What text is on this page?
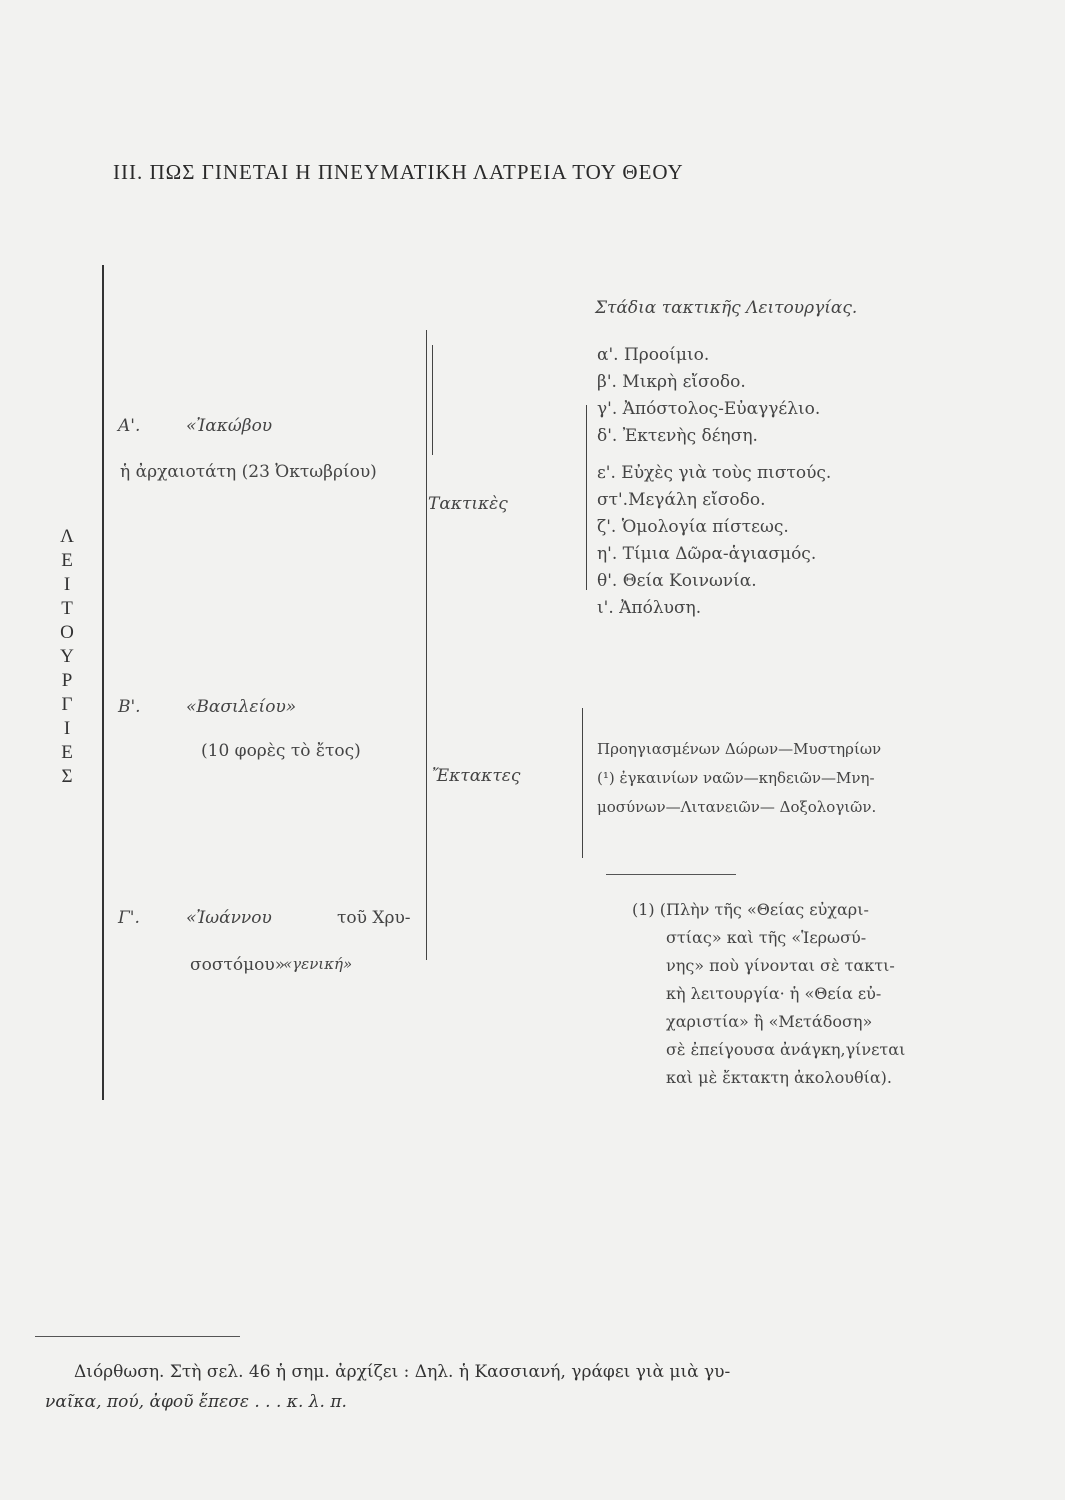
III. ΠΩΣ ΓΙΝΕΤΑΙ Η ΠΝΕΥΜΑΤΙΚΗ ΛΑΤΡΕΙΑ ΤΟΥ ΘΕΟΥ
Λ
Ε
Ι
Τ
Ο
Υ
Ρ
Γ
Ι
Ε
Σ
Α'.	«Ἰακώβου
ἡ ἀρχαιοτάτη (23 Ὀκτωβρίου)
Β'.	«Βασιλείου»
(10 φορὲς τὸ ἔτος)
Γ'.	«Ἰωάννου	τοῦ Χρυ-
σοστόμου»
«γενική»
Τακτικὲς
Ἔκτακτες
Στάδια τακτικῆς Λειτουργίας.
α'. Προοίμιο.
β'. Μικρὴ εἴσοδο.
γ'. Ἀπόστολος-Εὐαγγέλιο.
δ'. Ἐκτενὴς δέηση.
ε'. Εὐχὲς γιὰ τοὺς πιστούς.
στ'.Μεγάλη εἴσοδο.
ζ'. Ὁμολογία πίστεως.
η'. Τίμια Δῶρα-ἁγιασμός.
θ'. Θεία Κοινωνία.
ι'. Ἀπόλυση.
Προηγιασμένων Δώρων—Μυστηρίων
(¹) ἐγκαινίων ναῶν—κηδειῶν—Μνη-
μοσύνων—Λιτανειῶν— Δοξολογιῶν.
(1) (Πλὴν τῆς «Θείας εὐχαρι-
στίας» καὶ τῆς «Ἱερωσύ-
νης» ποὺ γίνονται σὲ τακτι-
κὴ λειτουργία· ἡ «Θεία εὐ-
χαριστία» ἢ «Μετάδοση»
σὲ ἐπείγουσα ἀνάγκη,γίνεται
καὶ μὲ ἔκτακτη ἀκολουθία).
Διόρθωση. Στὴ σελ. 46 ἡ σημ. ἀρχίζει : Δηλ. ἡ Κασσιανή, γράφει γιὰ μιὰ γυ-
ναῖκα, πού, ἀφοῦ ἔπεσε . . . κ. λ. π.
